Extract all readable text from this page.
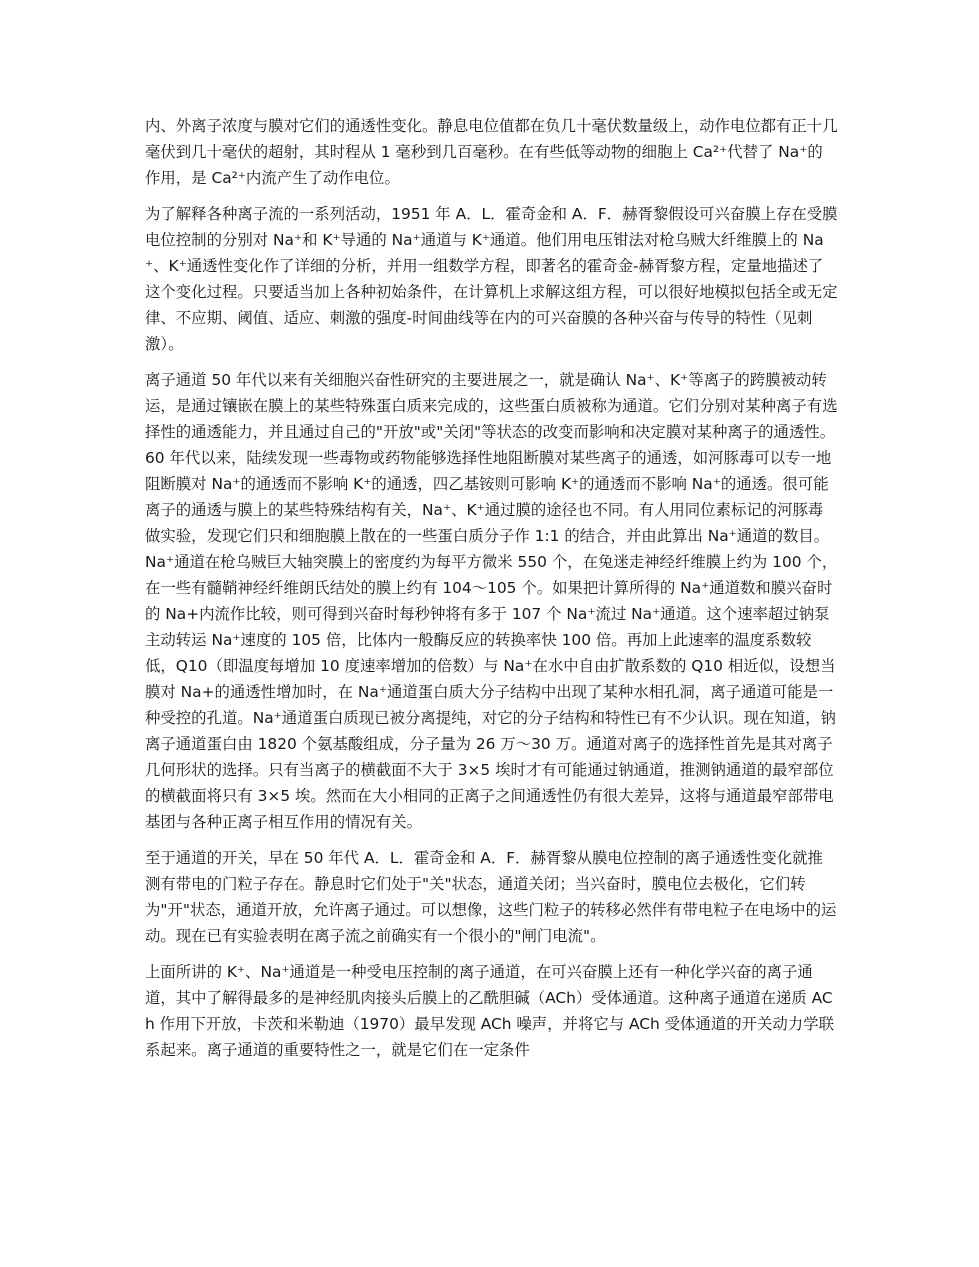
内、外离子浓度与膜对它们的通透性变化。静息电位值都在负几十毫伏数量级上，动作电位都有正十几毫伏到几十毫伏的超射，其时程从 1 毫秒到几百毫秒。在有些低等动物的细胞上 Ca²⁺代替了 Na⁺的作用，是 Ca²⁺内流产生了动作电位。

为了解释各种离子流的一系列活动，1951 年 A．L．霍奇金和 A．F．赫胥黎假设可兴奋膜上存在受膜电位控制的分别对 Na⁺和 K⁺导通的 Na⁺通道与 K⁺通道。他们用电压钳法对枪乌贼大纤维膜上的 Na⁺、K⁺通透性变化作了详细的分析，并用一组数学方程，即著名的霍奇金-赫胥黎方程，定量地描述了这个变化过程。只要适当加上各种初始条件，在计算机上求解这组方程，可以很好地模拟包括全或无定律、不应期、阈值、适应、刺激的强度-时间曲线等在内的可兴奋膜的各种兴奋与传导的特性（见刺激）。

离子通道 50 年代以来有关细胞兴奋性研究的主要进展之一，就是确认 Na⁺、K⁺等离子的跨膜被动转运，是通过镶嵌在膜上的某些特殊蛋白质来完成的，这些蛋白质被称为通道。它们分别对某种离子有选择性的通透能力，并且通过自己的"开放"或"关闭"等状态的改变而影响和决定膜对某种离子的通透性。60 年代以来，陆续发现一些毒物或药物能够选择性地阻断膜对某些离子的通透，如河豚毒可以专一地阻断膜对 Na⁺的通透而不影响 K⁺的通透，四乙基铵则可影响 K⁺的通透而不影响 Na⁺的通透。很可能离子的通透与膜上的某些特殊结构有关，Na⁺、K⁺通过膜的途径也不同。有人用同位素标记的河豚毒做实验，发现它们只和细胞膜上散在的一些蛋白质分子作 1:1 的结合，并由此算出 Na⁺通道的数目。Na⁺通道在枪乌贼巨大轴突膜上的密度约为每平方微米 550 个，在兔迷走神经纤维膜上约为 100 个，在一些有髓鞘神经纤维朗氏结处的膜上约有 104～105 个。如果把计算所得的 Na⁺通道数和膜兴奋时的 Na+内流作比较，则可得到兴奋时每秒钟将有多于 107 个 Na⁺流过 Na⁺通道。这个速率超过钠泵主动转运 Na⁺速度的 105 倍，比体内一般酶反应的转换率快 100 倍。再加上此速率的温度系数较低，Q10（即温度每增加 10 度速率增加的倍数）与 Na⁺在水中自由扩散系数的 Q10 相近似，设想当膜对 Na+的通透性增加时，在 Na⁺通道蛋白质大分子结构中出现了某种水相孔洞，离子通道可能是一种受控的孔道。Na⁺通道蛋白质现已被分离提纯，对它的分子结构和特性已有不少认识。现在知道，钠离子通道蛋白由 1820 个氨基酸组成，分子量为 26 万～30 万。通道对离子的选择性首先是其对离子几何形状的选择。只有当离子的横截面不大于 3×5 埃时才有可能通过钠通道，推测钠通道的最窄部位的横截面将只有 3×5 埃。然而在大小相同的正离子之间通透性仍有很大差异，这将与通道最窄部带电基团与各种正离子相互作用的情况有关。

至于通道的开关，早在 50 年代 A．L．霍奇金和 A．F．赫胥黎从膜电位控制的离子通透性变化就推测有带电的门粒子存在。静息时它们处于"关"状态，通道关闭；当兴奋时，膜电位去极化，它们转为"开"状态，通道开放，允许离子通过。可以想像，这些门粒子的转移必然伴有带电粒子在电场中的运动。现在已有实验表明在离子流之前确实有一个很小的"闸门电流"。

上面所讲的 K⁺、Na⁺通道是一种受电压控制的离子通道，在可兴奋膜上还有一种化学兴奋的离子通道，其中了解得最多的是神经肌肉接头后膜上的乙酰胆碱（ACh）受体通道。这种离子通道在递质 ACh 作用下开放，卡茨和米勒迪（1970）最早发现 ACh 噪声，并将它与 ACh 受体通道的开关动力学联系起来。离子通道的重要特性之一，就是它们在一定条件
